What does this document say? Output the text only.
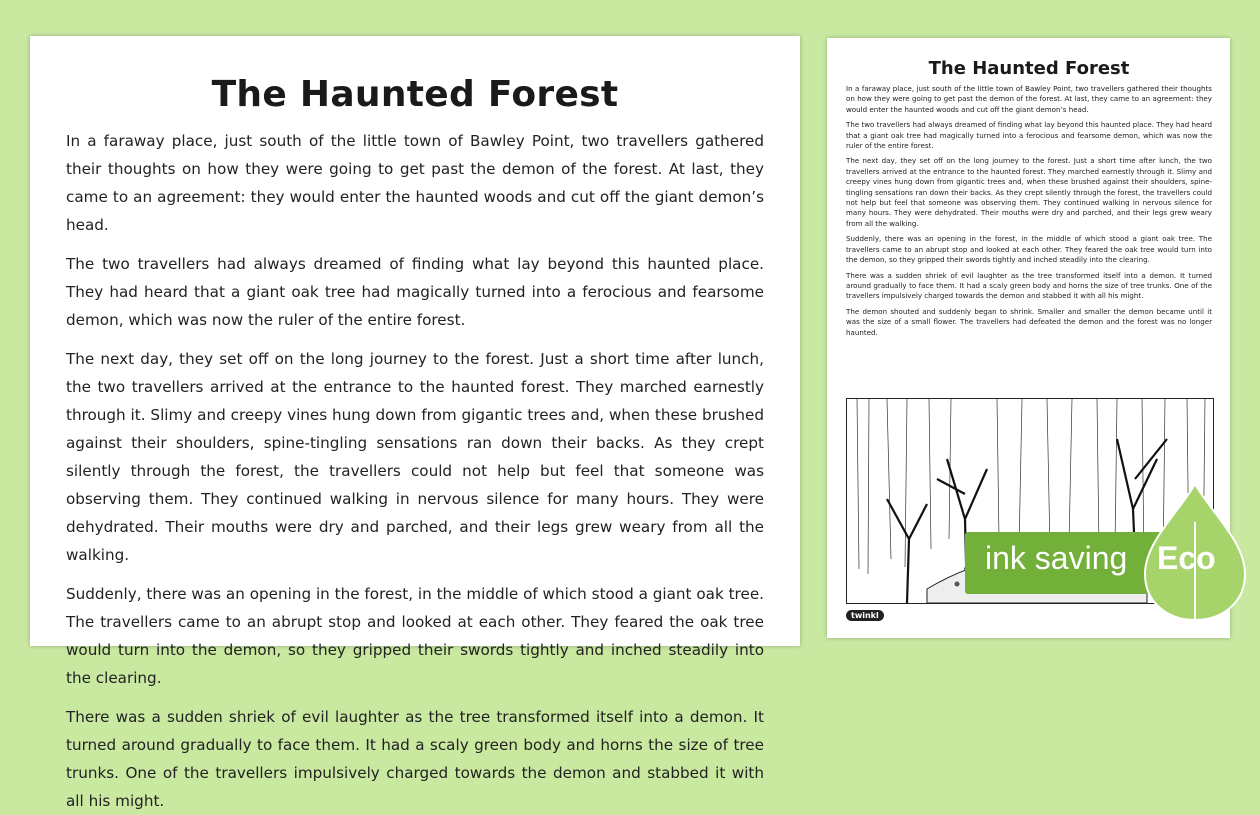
The Haunted Forest

In a faraway place, just south of the little town of Bawley Point, two travellers gathered their thoughts on how they were going to get past the demon of the forest. At last, they came to an agreement: they would enter the haunted woods and cut off the giant demon’s head.

The two travellers had always dreamed of finding what lay beyond this haunted place. They had heard that a giant oak tree had magically turned into a ferocious and fearsome demon, which was now the ruler of the entire forest.

The next day, they set off on the long journey to the forest. Just a short time after lunch, the two travellers arrived at the entrance to the haunted forest. They marched earnestly through it. Slimy and creepy vines hung down from gigantic trees and, when these brushed against their shoulders, spine-tingling sensations ran down their backs. As they crept silently through the forest, the travellers could not help but feel that someone was observing them. They continued walking in nervous silence for many hours. They were dehydrated. Their mouths were dry and parched, and their legs grew weary from all the walking.

Suddenly, there was an opening in the forest, in the middle of which stood a giant oak tree. The travellers came to an abrupt stop and looked at each other. They feared the oak tree would turn into the demon, so they gripped their swords tightly and inched steadily into the clearing.

There was a sudden shriek of evil laughter as the tree transformed itself into a demon. It turned around gradually to face them. It had a scaly green body and horns the size of tree trunks. One of the travellers impulsively charged towards the demon and stabbed it with all his might.

The Haunted Forest

In a faraway place, just south of the little town of Bawley Point, two travellers gathered their thoughts on how they were going to get past the demon of the forest. At last, they came to an agreement: they would enter the haunted woods and cut off the giant demon’s head.

The two travellers had always dreamed of finding what lay beyond this haunted place. They had heard that a giant oak tree had magically turned into a ferocious and fearsome demon, which was now the ruler of the entire forest.

The next day, they set off on the long journey to the forest. Just a short time after lunch, the two travellers arrived at the entrance to the haunted forest. They marched earnestly through it. Slimy and creepy vines hung down from gigantic trees and, when these brushed against their shoulders, spine-tingling sensations ran down their backs. As they crept silently through the forest, the travellers could not help but feel that someone was observing them. They continued walking in nervous silence for many hours. They were dehydrated. Their mouths were dry and parched, and their legs grew weary from all the walking.

Suddenly, there was an opening in the forest, in the middle of which stood a giant oak tree. The travellers came to an abrupt stop and looked at each other. They feared the oak tree would turn into the demon, so they gripped their swords tightly and inched steadily into the clearing.

There was a sudden shriek of evil laughter as the tree transformed itself into a demon. It turned around gradually to face them. It had a scaly green body and horns the size of tree trunks. One of the travellers impulsively charged towards the demon and stabbed it with all his might.

The demon shouted and suddenly began to shrink. Smaller and smaller the demon became until it was the size of a small flower. The travellers had defeated the demon and the forest was no longer haunted.

twinkl
ink saving Eco
